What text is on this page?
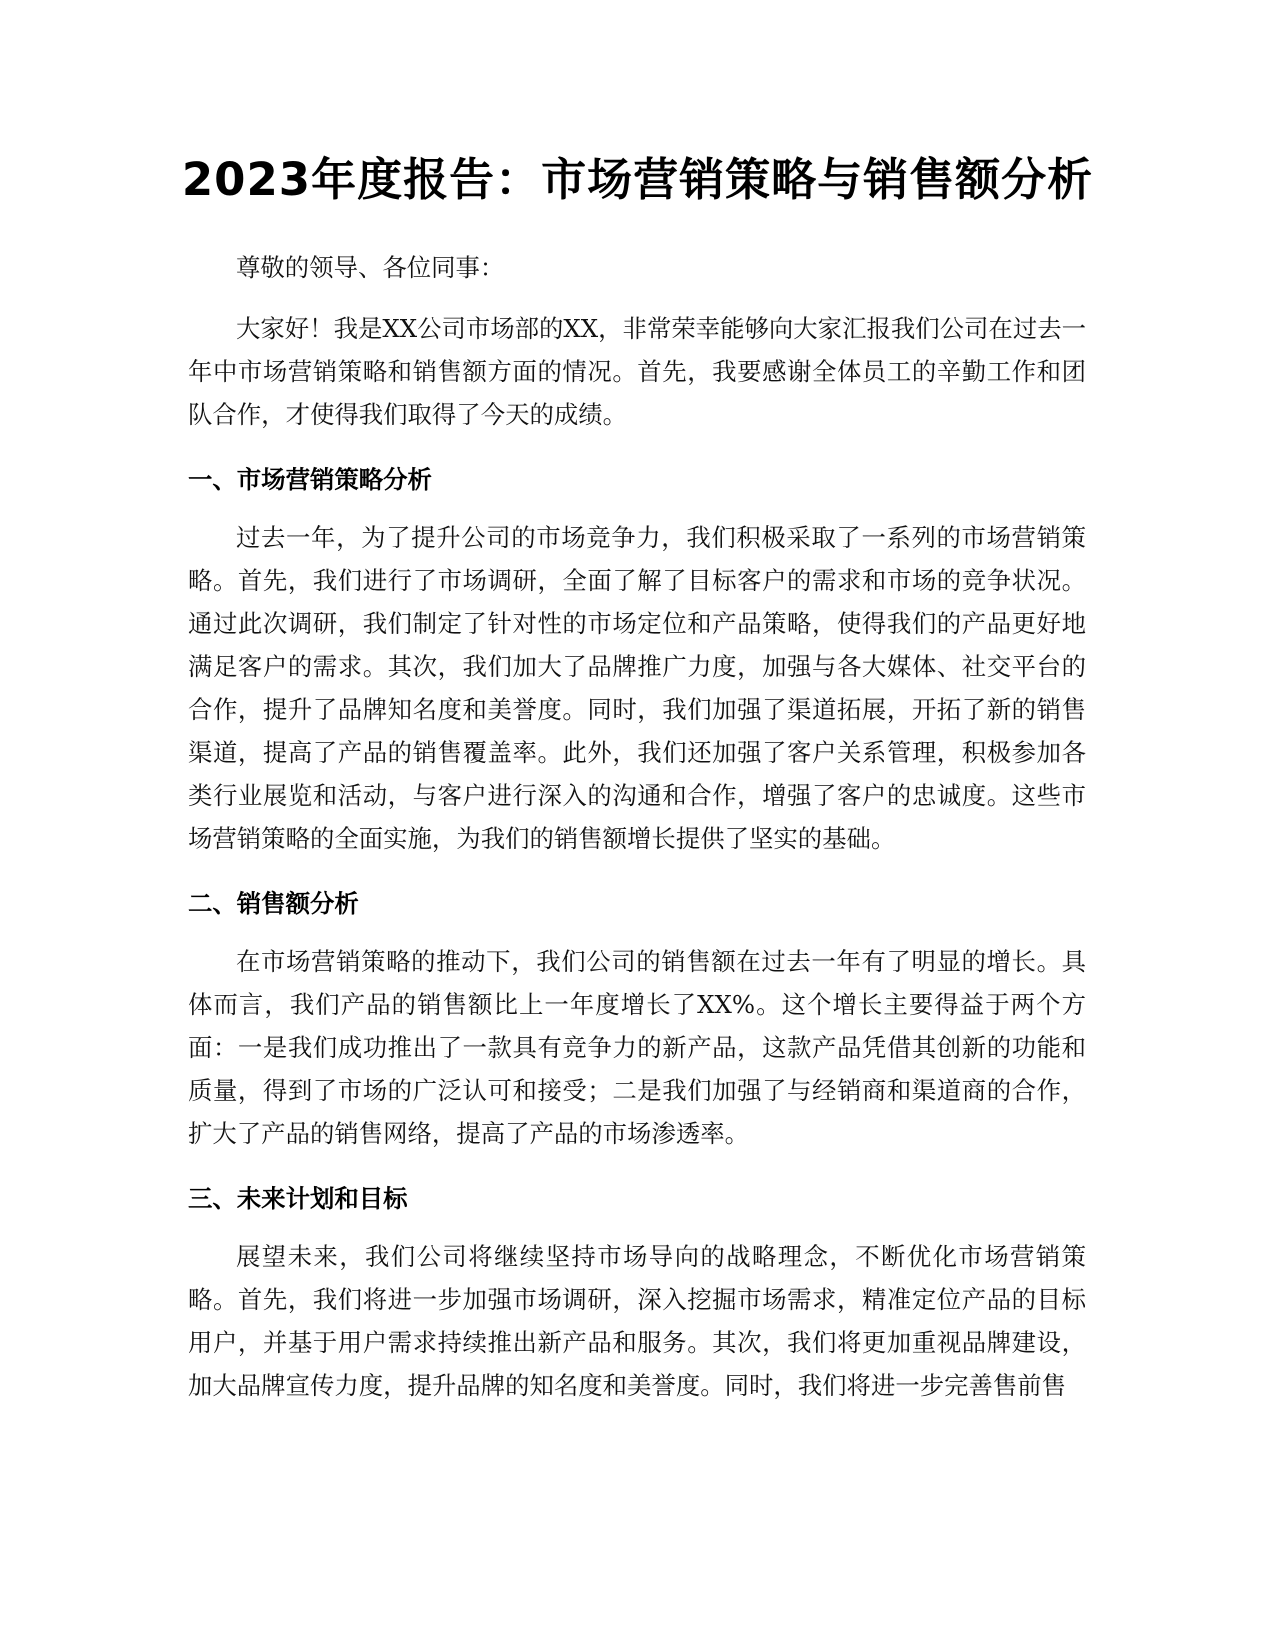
2023年度报告：市场营销策略与销售额分析

尊敬的领导、各位同事：

大家好！我是XX公司市场部的XX，非常荣幸能够向大家汇报我们公司在过去一年中市场营销策略和销售额方面的情况。首先，我要感谢全体员工的辛勤工作和团队合作，才使得我们取得了今天的成绩。

一、市场营销策略分析

过去一年，为了提升公司的市场竞争力，我们积极采取了一系列的市场营销策略。首先，我们进行了市场调研，全面了解了目标客户的需求和市场的竞争状况。通过此次调研，我们制定了针对性的市场定位和产品策略，使得我们的产品更好地满足客户的需求。其次，我们加大了品牌推广力度，加强与各大媒体、社交平台的合作，提升了品牌知名度和美誉度。同时，我们加强了渠道拓展，开拓了新的销售渠道，提高了产品的销售覆盖率。此外，我们还加强了客户关系管理，积极参加各类行业展览和活动，与客户进行深入的沟通和合作，增强了客户的忠诚度。这些市场营销策略的全面实施，为我们的销售额增长提供了坚实的基础。

二、销售额分析

在市场营销策略的推动下，我们公司的销售额在过去一年有了明显的增长。具体而言，我们产品的销售额比上一年度增长了XX%。这个增长主要得益于两个方面：一是我们成功推出了一款具有竞争力的新产品，这款产品凭借其创新的功能和质量，得到了市场的广泛认可和接受；二是我们加强了与经销商和渠道商的合作，扩大了产品的销售网络，提高了产品的市场渗透率。

三、未来计划和目标

展望未来，我们公司将继续坚持市场导向的战略理念，不断优化市场营销策略。首先，我们将进一步加强市场调研，深入挖掘市场需求，精准定位产品的目标用户，并基于用户需求持续推出新产品和服务。其次，我们将更加重视品牌建设，加大品牌宣传力度，提升品牌的知名度和美誉度。同时，我们将进一步完善售前售
